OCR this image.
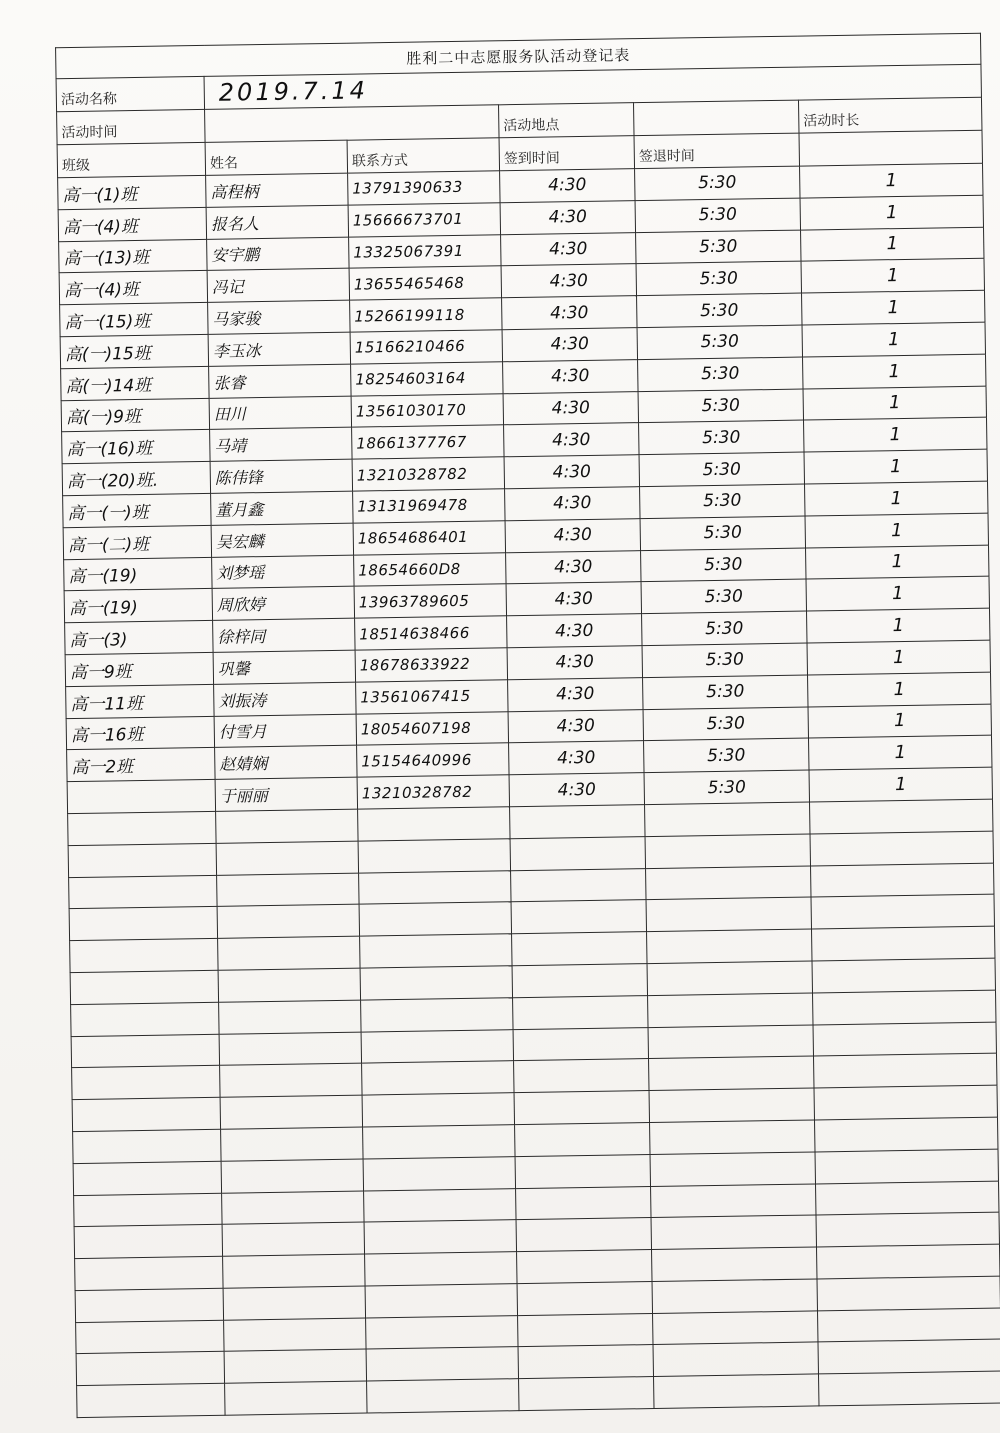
胜利二中志愿服务队活动登记表					
活动名称	2019.7.14				
活动时间			活动地点		活动时长
班级	姓名	联系方式	签到时间	签退时间	
高一(1)班	高程柄	13791390633	4:30	5:30	1
高一(4)班	报名人	15666673701	4:30	5:30	1
高一(13)班	安宇鹏	13325067391	4:30	5:30	1
高一(4)班	冯记	13655465468	4:30	5:30	1
高一(15)班	马家骏	15266199118	4:30	5:30	1
高(一)15班	李玉冰	15166210466	4:30	5:30	1
高(一)14班	张睿	18254603164	4:30	5:30	1
高(一)9班	田川	13561030170	4:30	5:30	1
高一(16)班	马靖	18661377767	4:30	5:30	1
高一(20)班.	陈伟锋	13210328782	4:30	5:30	1
高一(一)班	董月鑫	13131969478	4:30	5:30	1
高一(二)班	吴宏麟	18654686401	4:30	5:30	1
高一(19)	刘梦瑶	18654660D8	4:30	5:30	1
高一(19)	周欣婷	13963789605	4:30	5:30	1
高一(3)	徐梓同	18514638466	4:30	5:30	1
高一9班	巩馨	18678633922	4:30	5:30	1
高一11班	刘振涛	13561067415	4:30	5:30	1
高一16班	付雪月	18054607198	4:30	5:30	1
高一2班	赵婧娴	15154640996	4:30	5:30	1
	于丽丽	13210328782	4:30	5:30	1
